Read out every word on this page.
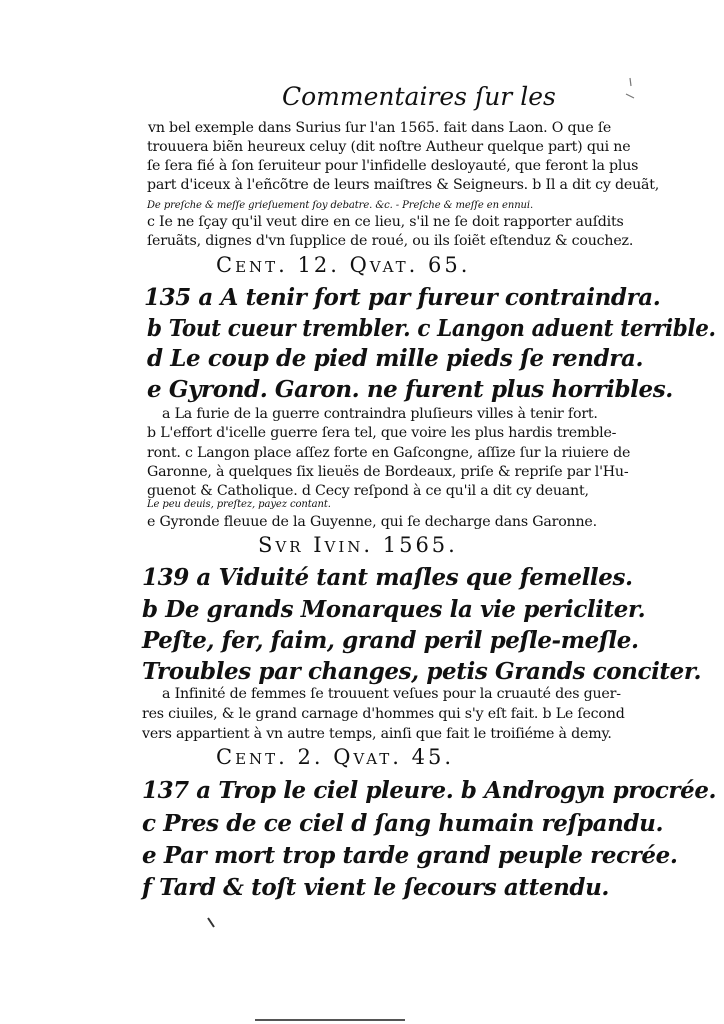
Commentaires ſur les
vn bel exemple dans Surius ſur l'an 1565. fait dans Laon. O que ſe
trouuera biẽn heureux celuy (dit noſtre Autheur quelque part) qui ne
ſe ſera fié à ſon ſeruiteur pour l'infidelle desloyauté, que feront la plus
part d'iceux à l'eñcõtre de leurs maiſtres & Seigneurs. b Il a dit cy deuãt,
De preſche & meſſe grieſuement ſoy debatre. &c. - Preſche & meſſe en ennui.
c Ie ne ſçay qu'il veut dire en ce lieu, s'il ne ſe doit rapporter auſdits
ſeruãts, dignes d'vn ſupplice de roué, ou ils ſoiẽt eſtenduz & couchez.
Cent. 12. Qvat. 65.
135 a A tenir fort par fureur contraindra.
b Tout cueur trembler. c Langon aduent terrible.
d Le coup de pied mille pieds ſe rendra.
e Gyrond. Garon. ne furent plus horribles.
a La furie de la guerre contraindra pluſieurs villes à tenir fort.
b L'effort d'icelle guerre ſera tel, que voire les plus hardis tremble-
ront. c Langon place aſſez forte en Gaſcongne, aſſize ſur la riuiere de
Garonne, à quelques ſix lieuës de Bordeaux, priſe & repriſe par l'Hu-
guenot & Catholique. d Cecy reſpond à ce qu'il a dit cy deuant,
Le peu deuis, preſtez, payez contant.
e Gyronde fleuue de la Guyenne, qui ſe decharge dans Garonne.
Svr Ivin. 1565.
139 a Viduité tant maſles que femelles.
b De grands Monarques la vie pericliter.
Peſte, fer, faim, grand peril peſle-meſle.
Troubles par changes, petis Grands conciter.
a Infinité de femmes ſe trouuent veſues pour la cruauté des guer-
res ciuiles, & le grand carnage d'hommes qui s'y eſt fait. b Le ſecond
vers appartient à vn autre temps, ainſi que fait le troiſiéme à demy.
Cent. 2. Qvat. 45.
137 a Trop le ciel pleure. b Androgyn procrée.
c Pres de ce ciel d ſang humain reſpandu.
e Par mort trop tarde grand peuple recrée.
f Tard & toſt vient le ſecours attendu.
